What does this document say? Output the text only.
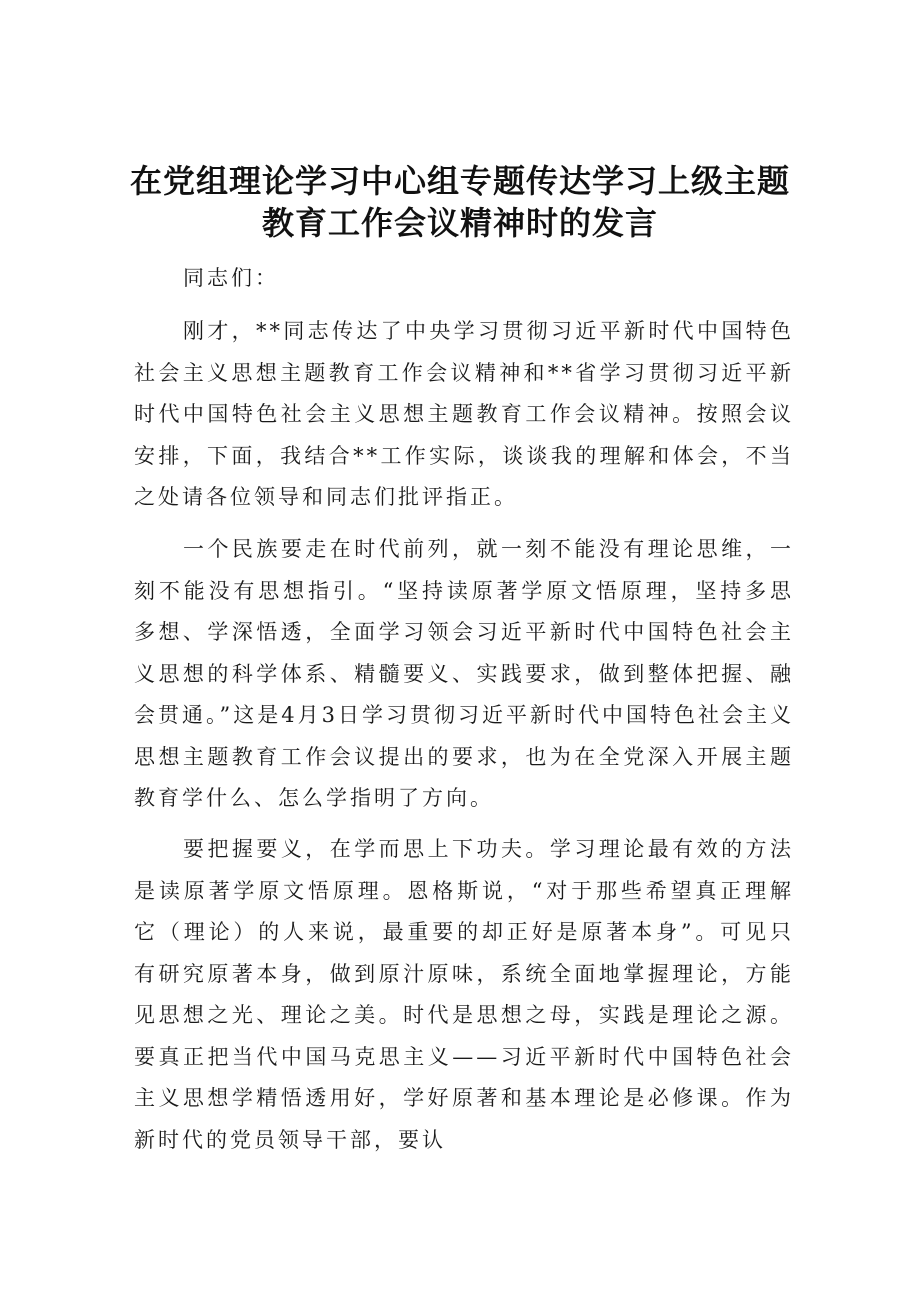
在党组理论学习中心组专题传达学习上级主题
教育工作会议精神时的发言
同志们：
刚才，**同志传达了中央学习贯彻习近平新时代中国特色社会主义思想主题教育工作会议精神和**省学习贯彻习近平新时代中国特色社会主义思想主题教育工作会议精神。按照会议安排，下面，我结合**工作实际，谈谈我的理解和体会，不当之处请各位领导和同志们批评指正。
一个民族要走在时代前列，就一刻不能没有理论思维，一刻不能没有思想指引。“坚持读原著学原文悟原理，坚持多思多想、学深悟透，全面学习领会习近平新时代中国特色社会主义思想的科学体系、精髓要义、实践要求，做到整体把握、融会贯通。”这是4月3日学习贯彻习近平新时代中国特色社会主义思想主题教育工作会议提出的要求，也为在全党深入开展主题教育学什么、怎么学指明了方向。
要把握要义，在学而思上下功夫。学习理论最有效的方法是读原著学原文悟原理。恩格斯说，“对于那些希望真正理解它（理论）的人来说，最重要的却正好是原著本身”。可见只有研究原著本身，做到原汁原味，系统全面地掌握理论，方能见思想之光、理论之美。时代是思想之母，实践是理论之源。要真正把当代中国马克思主义——习近平新时代中国特色社会主义思想学精悟透用好，学好原著和基本理论是必修课。作为新时代的党员领导干部，要认
